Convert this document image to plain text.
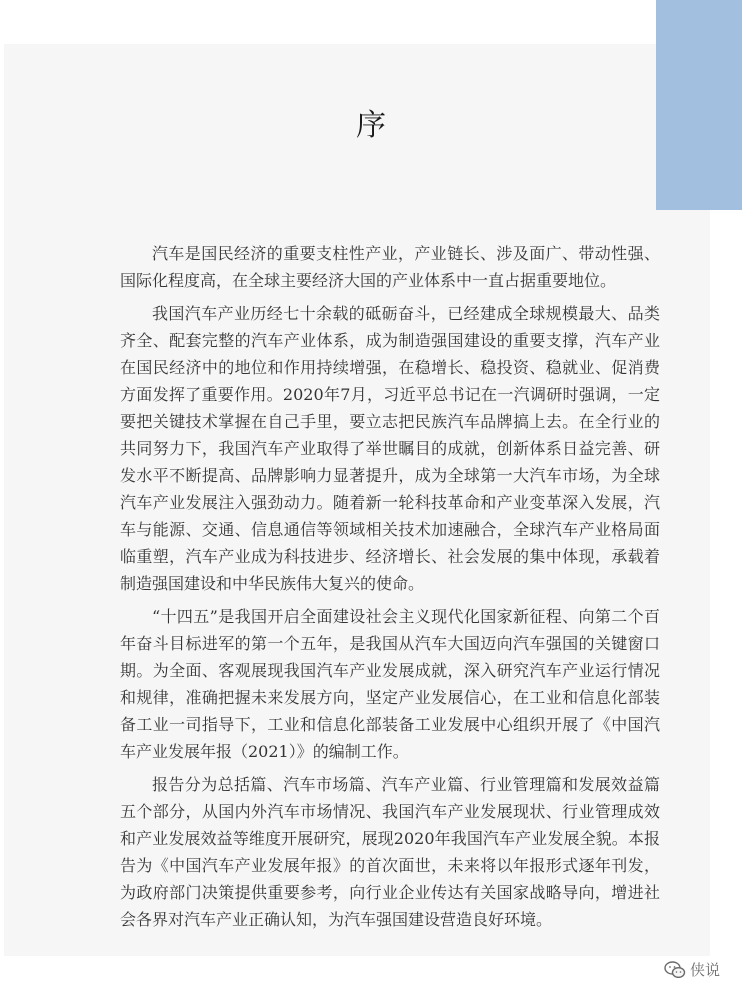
序

汽车是国民经济的重要支柱性产业，产业链长、涉及面广、带动性强、国际化程度高，在全球主要经济大国的产业体系中一直占据重要地位。

我国汽车产业历经七十余载的砥砺奋斗，已经建成全球规模最大、品类齐全、配套完整的汽车产业体系，成为制造强国建设的重要支撑，汽车产业在国民经济中的地位和作用持续增强，在稳增长、稳投资、稳就业、促消费方面发挥了重要作用。2020年7月，习近平总书记在一汽调研时强调，一定要把关键技术掌握在自己手里，要立志把民族汽车品牌搞上去。在全行业的共同努力下，我国汽车产业取得了举世瞩目的成就，创新体系日益完善、研发水平不断提高、品牌影响力显著提升，成为全球第一大汽车市场，为全球汽车产业发展注入强劲动力。随着新一轮科技革命和产业变革深入发展，汽车与能源、交通、信息通信等领域相关技术加速融合，全球汽车产业格局面临重塑，汽车产业成为科技进步、经济增长、社会发展的集中体现，承载着制造强国建设和中华民族伟大复兴的使命。

“十四五”是我国开启全面建设社会主义现代化国家新征程、向第二个百年奋斗目标进军的第一个五年，是我国从汽车大国迈向汽车强国的关键窗口期。为全面、客观展现我国汽车产业发展成就，深入研究汽车产业运行情况和规律，准确把握未来发展方向，坚定产业发展信心，在工业和信息化部装备工业一司指导下，工业和信息化部装备工业发展中心组织开展了《中国汽车产业发展年报（2021）》的编制工作。

报告分为总括篇、汽车市场篇、汽车产业篇、行业管理篇和发展效益篇五个部分，从国内外汽车市场情况、我国汽车产业发展现状、行业管理成效和产业发展效益等维度开展研究，展现2020年我国汽车产业发展全貌。本报告为《中国汽车产业发展年报》的首次面世，未来将以年报形式逐年刊发，为政府部门决策提供重要参考，向行业企业传达有关国家战略导向，增进社会各界对汽车产业正确认知，为汽车强国建设营造良好环境。

侠说
